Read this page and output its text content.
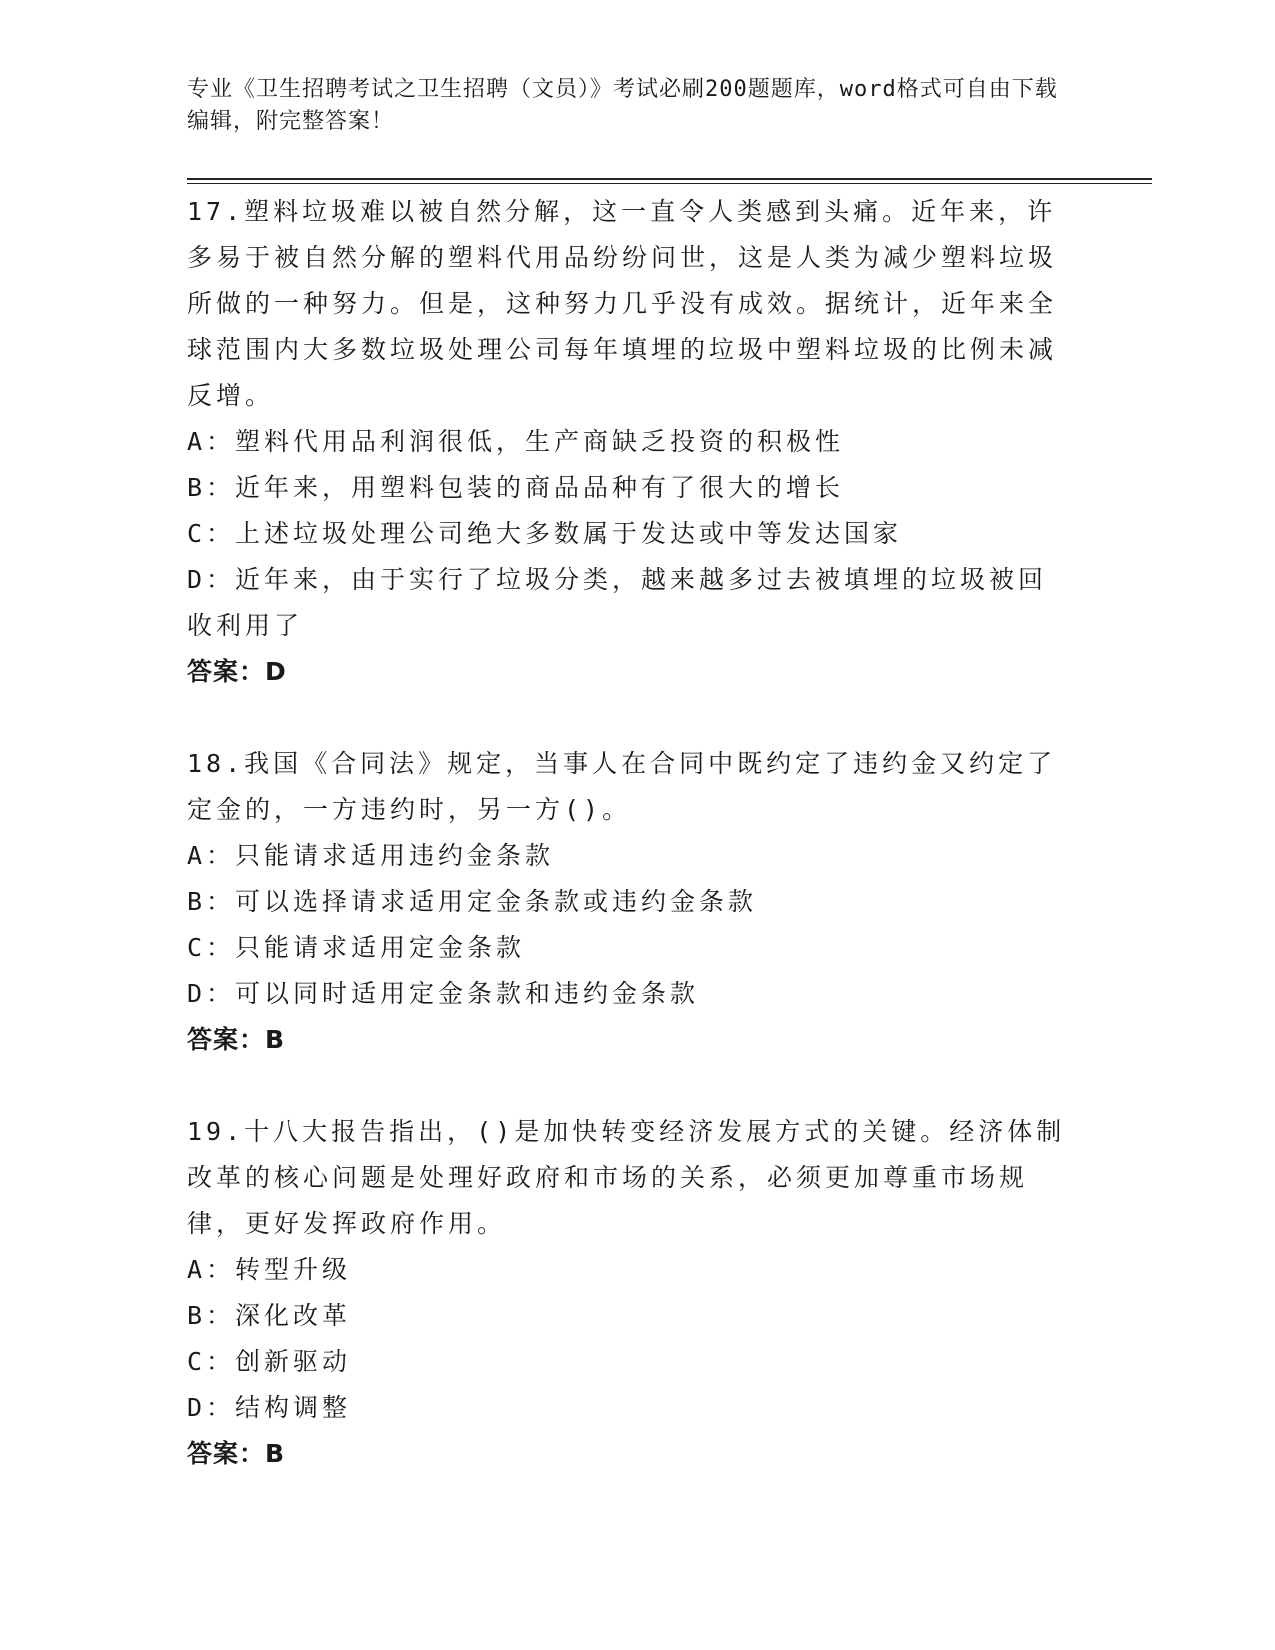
专业《卫生招聘考试之卫生招聘（文员）》考试必刷200题题库，word格式可自由下载编辑，附完整答案！

17.塑料垃圾难以被自然分解，这一直令人类感到头痛。近年来，许多易于被自然分解的塑料代用品纷纷问世，这是人类为减少塑料垃圾所做的一种努力。但是，这种努力几乎没有成效。据统计，近年来全球范围内大多数垃圾处理公司每年填埋的垃圾中塑料垃圾的比例未减反增。

A：塑料代用品利润很低，生产商缺乏投资的积极性

B：近年来，用塑料包装的商品品种有了很大的增长

C：上述垃圾处理公司绝大多数属于发达或中等发达国家

D：近年来，由于实行了垃圾分类，越来越多过去被填埋的垃圾被回收利用了

答案：D

18.我国《合同法》规定，当事人在合同中既约定了违约金又约定了定金的，一方违约时，另一方()。

A：只能请求适用违约金条款

B：可以选择请求适用定金条款或违约金条款

C：只能请求适用定金条款

D：可以同时适用定金条款和违约金条款

答案：B

19.十八大报告指出，()是加快转变经济发展方式的关键。经济体制改革的核心问题是处理好政府和市场的关系，必须更加尊重市场规律，更好发挥政府作用。

A：转型升级

B：深化改革

C：创新驱动

D：结构调整

答案：B
